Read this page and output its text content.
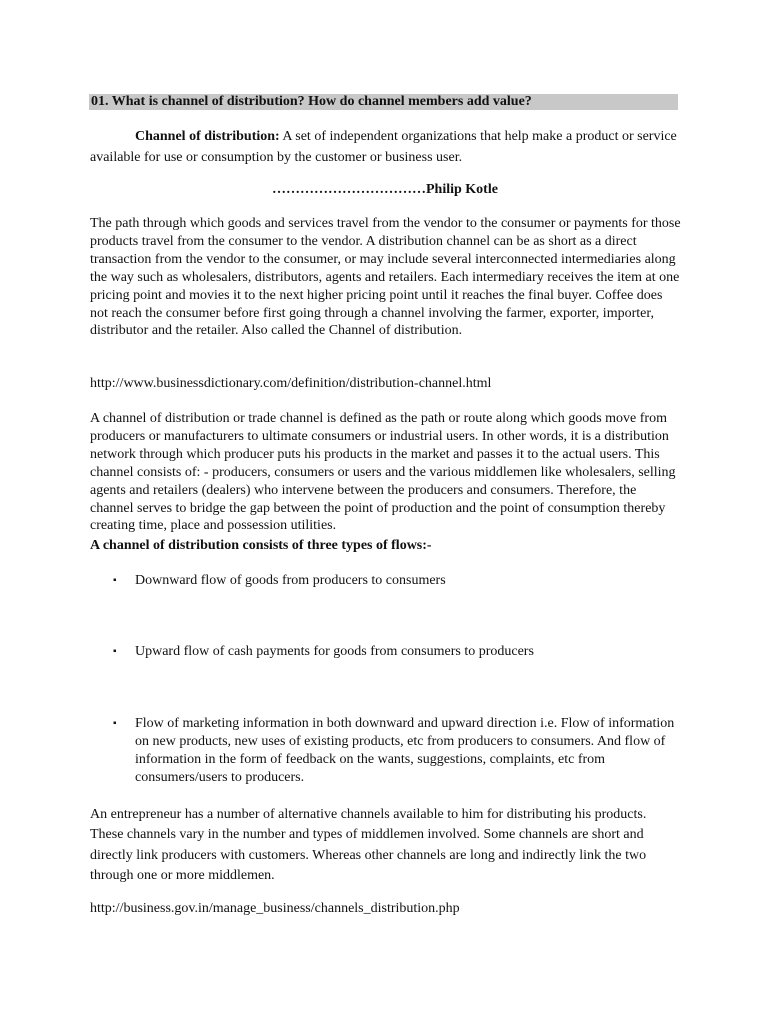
01. What is channel of distribution? How do channel members add value?
Channel of distribution: A set of independent organizations that help make a product or service available for use or consumption by the customer or business user.
……………………………Philip Kotle
The path through which goods and services travel from the vendor to the consumer or payments for those products travel from the consumer to the vendor. A distribution channel can be as short as a direct transaction from the vendor to the consumer, or may include several interconnected intermediaries along the way such as wholesalers, distributors, agents and retailers. Each intermediary receives the item at one pricing point and movies it to the next higher pricing point until it reaches the final buyer. Coffee does not reach the consumer before first going through a channel involving the farmer, exporter, importer, distributor and the retailer. Also called the Channel of distribution.
http://www.businessdictionary.com/definition/distribution-channel.html
A channel of distribution or trade channel is defined as the path or route along which goods move from producers or manufacturers to ultimate consumers or industrial users. In other words, it is a distribution network through which producer puts his products in the market and passes it to the actual users. This channel consists of: - producers, consumers or users and the various middlemen like wholesalers, selling agents and retailers (dealers) who intervene between the producers and consumers. Therefore, the channel serves to bridge the gap between the point of production and the point of consumption thereby creating time, place and possession utilities.
A channel of distribution consists of three types of flows:-
▪ Downward flow of goods from producers to consumers
▪ Upward flow of cash payments for goods from consumers to producers
▪ Flow of marketing information in both downward and upward direction i.e. Flow of information on new products, new uses of existing products, etc from producers to consumers. And flow of information in the form of feedback on the wants, suggestions, complaints, etc from consumers/users to producers.
An entrepreneur has a number of alternative channels available to him for distributing his products. These channels vary in the number and types of middlemen involved. Some channels are short and directly link producers with customers. Whereas other channels are long and indirectly link the two through one or more middlemen.
http://business.gov.in/manage_business/channels_distribution.php
